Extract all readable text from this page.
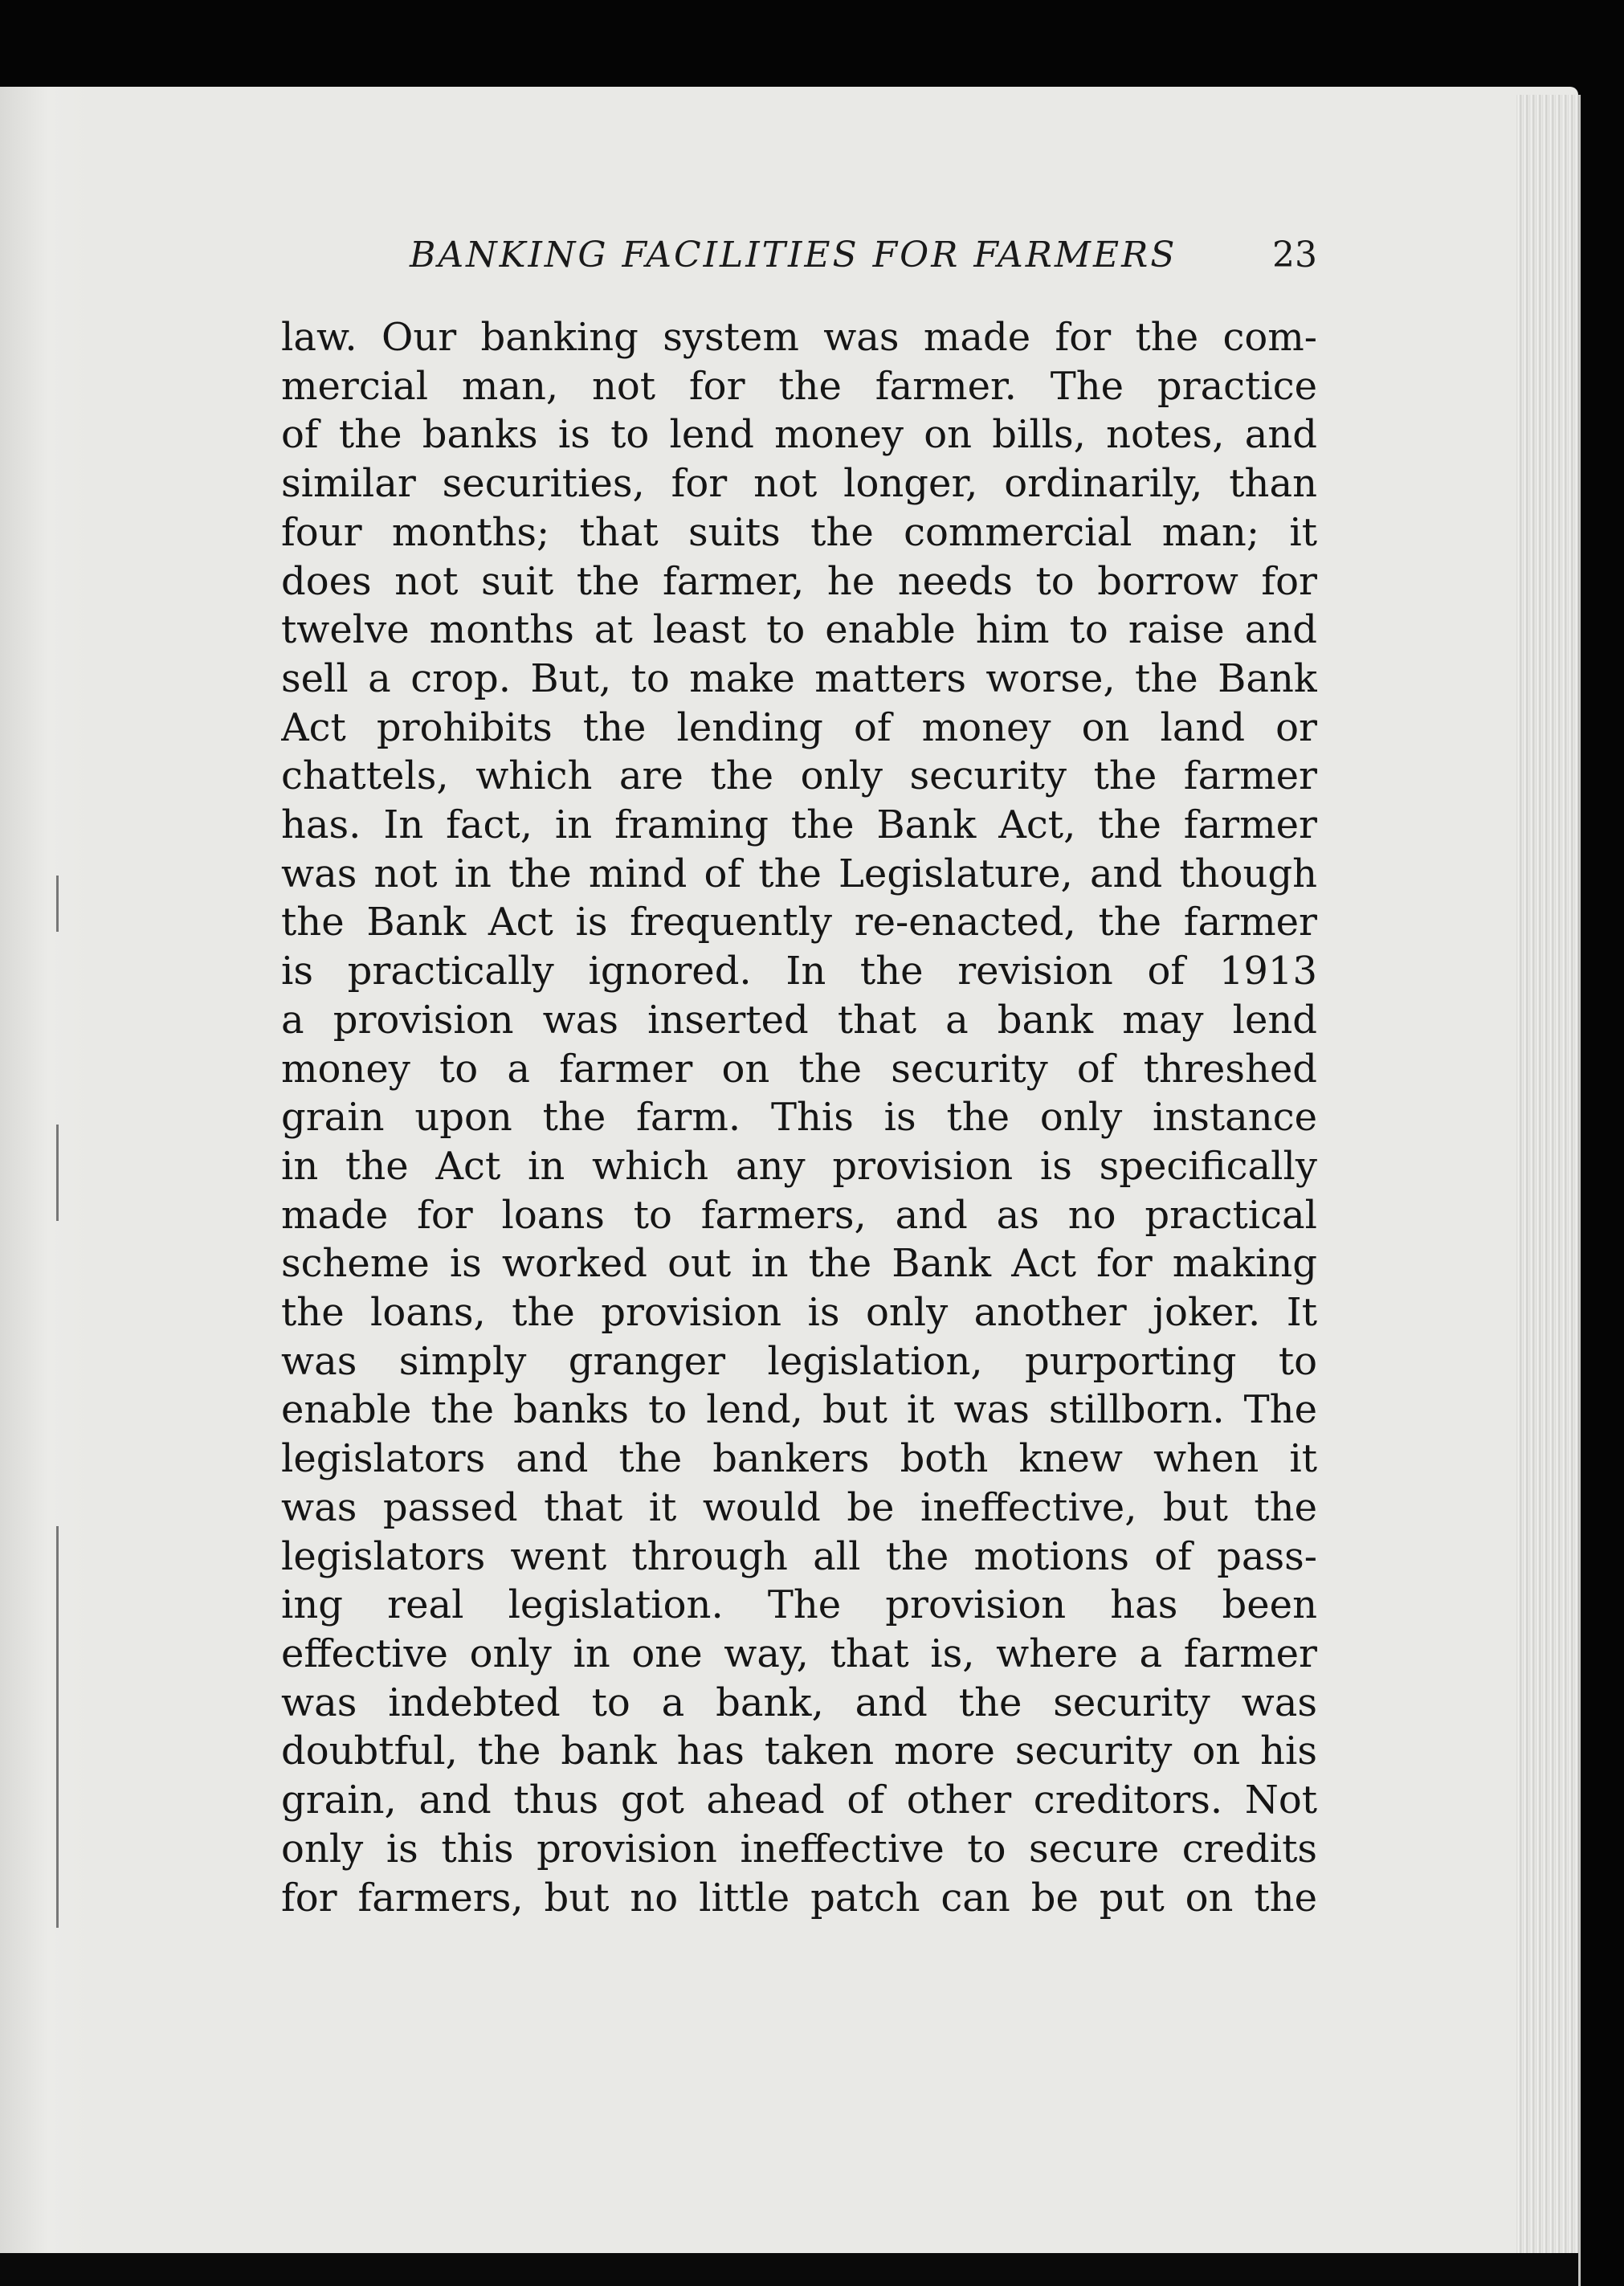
BANKING FACILITIES FOR FARMERS	23
law. Our banking system was made for the com-
mercial man, not for the farmer. The practice
of the banks is to lend money on bills, notes, and
similar securities, for not longer, ordinarily, than
four months; that suits the commercial man; it
does not suit the farmer, he needs to borrow for
twelve months at least to enable him to raise and
sell a crop. But, to make matters worse, the Bank
Act prohibits the lending of money on land or
chattels, which are the only security the farmer
has. In fact, in framing the Bank Act, the farmer
was not in the mind of the Legislature, and though
the Bank Act is frequently re-enacted, the farmer
is practically ignored. In the revision of 1913
a provision was inserted that a bank may lend
money to a farmer on the security of threshed
grain upon the farm. This is the only instance
in the Act in which any provision is specifically
made for loans to farmers, and as no practical
scheme is worked out in the Bank Act for making
the loans, the provision is only another joker. It
was simply granger legislation, purporting to
enable the banks to lend, but it was stillborn. The
legislators and the bankers both knew when it
was passed that it would be ineffective, but the
legislators went through all the motions of pass-
ing real legislation. The provision has been
effective only in one way, that is, where a farmer
was indebted to a bank, and the security was
doubtful, the bank has taken more security on his
grain, and thus got ahead of other creditors. Not
only is this provision ineffective to secure credits
for farmers, but no little patch can be put on the
